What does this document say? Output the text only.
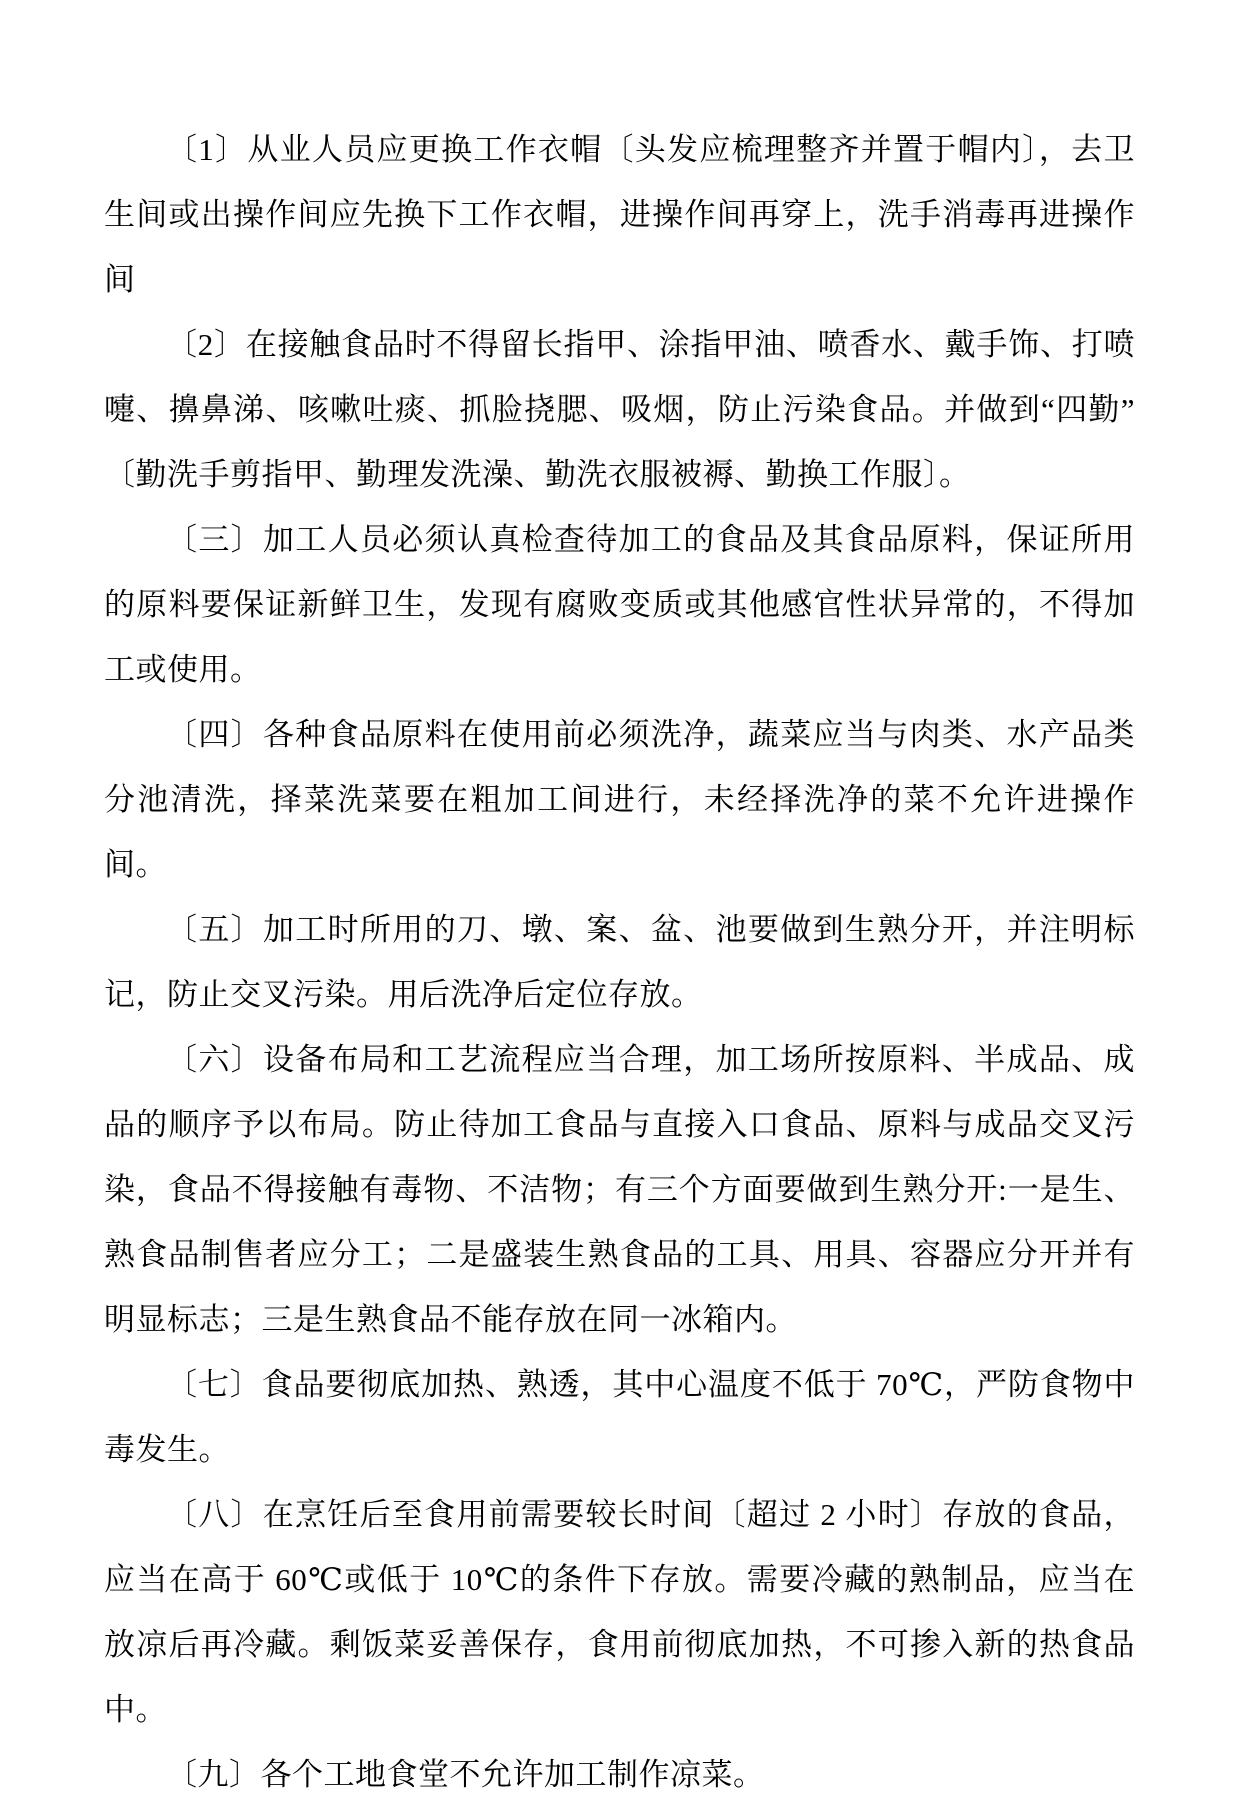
〔1〕从业人员应更换工作衣帽〔头发应梳理整齐并置于帽内〕，去卫生间或出操作间应先换下工作衣帽，进操作间再穿上，洗手消毒再进操作间

〔2〕在接触食品时不得留长指甲、涂指甲油、喷香水、戴手饰、打喷嚏、擤鼻涕、咳嗽吐痰、抓脸挠腮、吸烟，防止污染食品。并做到“四勤”〔勤洗手剪指甲、勤理发洗澡、勤洗衣服被褥、勤换工作服〕。

〔三〕加工人员必须认真检查待加工的食品及其食品原料，保证所用的原料要保证新鲜卫生，发现有腐败变质或其他感官性状异常的，不得加工或使用。

〔四〕各种食品原料在使用前必须洗净，蔬菜应当与肉类、水产品类分池清洗，择菜洗菜要在粗加工间进行，未经择洗净的菜不允许进操作间。

〔五〕加工时所用的刀、墩、案、盆、池要做到生熟分开，并注明标记，防止交叉污染。用后洗净后定位存放。

〔六〕设备布局和工艺流程应当合理，加工场所按原料、半成品、成品的顺序予以布局。防止待加工食品与直接入口食品、原料与成品交叉污染，食品不得接触有毒物、不洁物；有三个方面要做到生熟分开:一是生、熟食品制售者应分工；二是盛装生熟食品的工具、用具、容器应分开并有明显标志；三是生熟食品不能存放在同一冰箱内。

〔七〕食品要彻底加热、熟透，其中心温度不低于 70℃，严防食物中毒发生。

〔八〕在烹饪后至食用前需要较长时间〔超过 2 小时〕存放的食品，应当在高于 60℃或低于 10℃的条件下存放。需要冷藏的熟制品，应当在放凉后再冷藏。剩饭菜妥善保存，食用前彻底加热，不可掺入新的热食品中。

〔九〕各个工地食堂不允许加工制作凉菜。
